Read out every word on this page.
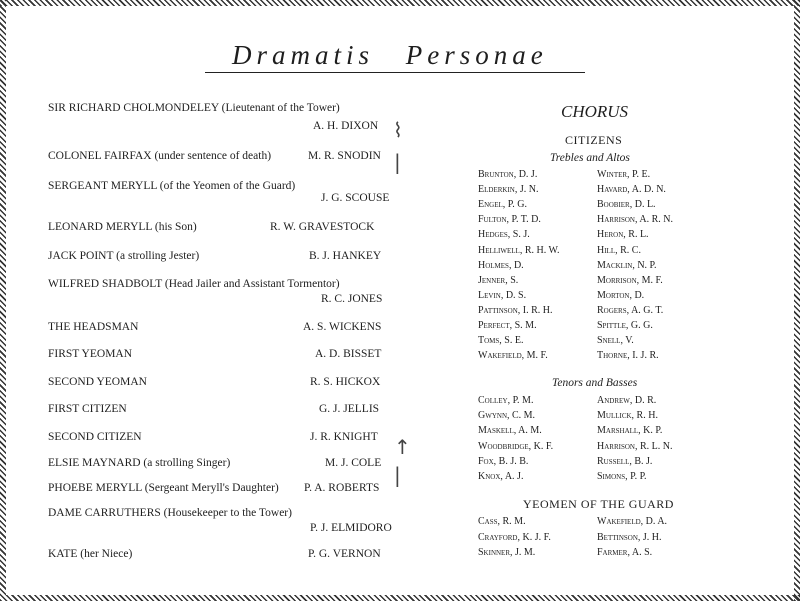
Dramatis Personae
SIR RICHARD CHOLMONDELEY (Lieutenant of the Tower)
A. H. DIXON
COLONEL FAIRFAX (under sentence of death)	M. R. SNODIN
SERGEANT MERYLL (of the Yeomen of the Guard)
J. G. SCOUSE
LEONARD MERYLL (his Son)	R. W. GRAVESTOCK
JACK POINT (a strolling Jester)	B. J. HANKEY
WILFRED SHADBOLT (Head Jailer and Assistant Tormentor)
R. C. JONES
THE HEADSMAN	A. S. WICKENS
FIRST YEOMAN	A. D. BISSET
SECOND YEOMAN	R. S. HICKOX
FIRST CITIZEN	G. J. JELLIS
SECOND CITIZEN	J. R. KNIGHT
ELSIE MAYNARD (a strolling Singer)	M. J. COLE
PHOEBE MERYLL (Sergeant Meryll's Daughter) P. A. ROBERTS
DAME CARRUTHERS (Housekeeper to the Tower)
P. J. ELMIDORO
KATE (her Niece)	P. G. VERNON
⌇
|
↑
|
CHORUS
CITIZENS
Trebles and Altos
Tenors and Basses
YEOMEN OF THE GUARD
Brunton, D. J.	Winter, P. E.
Elderkin, J. N.	Havard, A. D. N.
Engel, P. G.	Boobier, D. L.
Fulton, P. T. D.	Harrison, A. R. N.
Hedges, S. J.	Heron, R. L.
Helliwell, R. H. W.	Hill, R. C.
Holmes, D.	Macklin, N. P.
Jenner, S.	Morrison, M. F.
Levin, D. S.	Morton, D.
Pattinson, I. R. H.	Rogers, A. G. T.
Perfect, S. M.	Spittle, G. G.
Toms, S. E.	Snell, V.
Wakefield, M. F.	Thorne, I. J. R.
Colley, P. M.	Andrew, D. R.
Gwynn, C. M.	Mullick, R. H.
Maskell, A. M.	Marshall, K. P.
Woodbridge, K. F.	Harrison, R. L. N.
Fox, B. J. B.	Russell, B. J.
Knox, A. J.	Simons, P. P.
Cass, R. M.	Wakefield, D. A.
Crayford, K. J. F.	Bettinson, J. H.
Skinner, J. M.	Farmer, A. S.
